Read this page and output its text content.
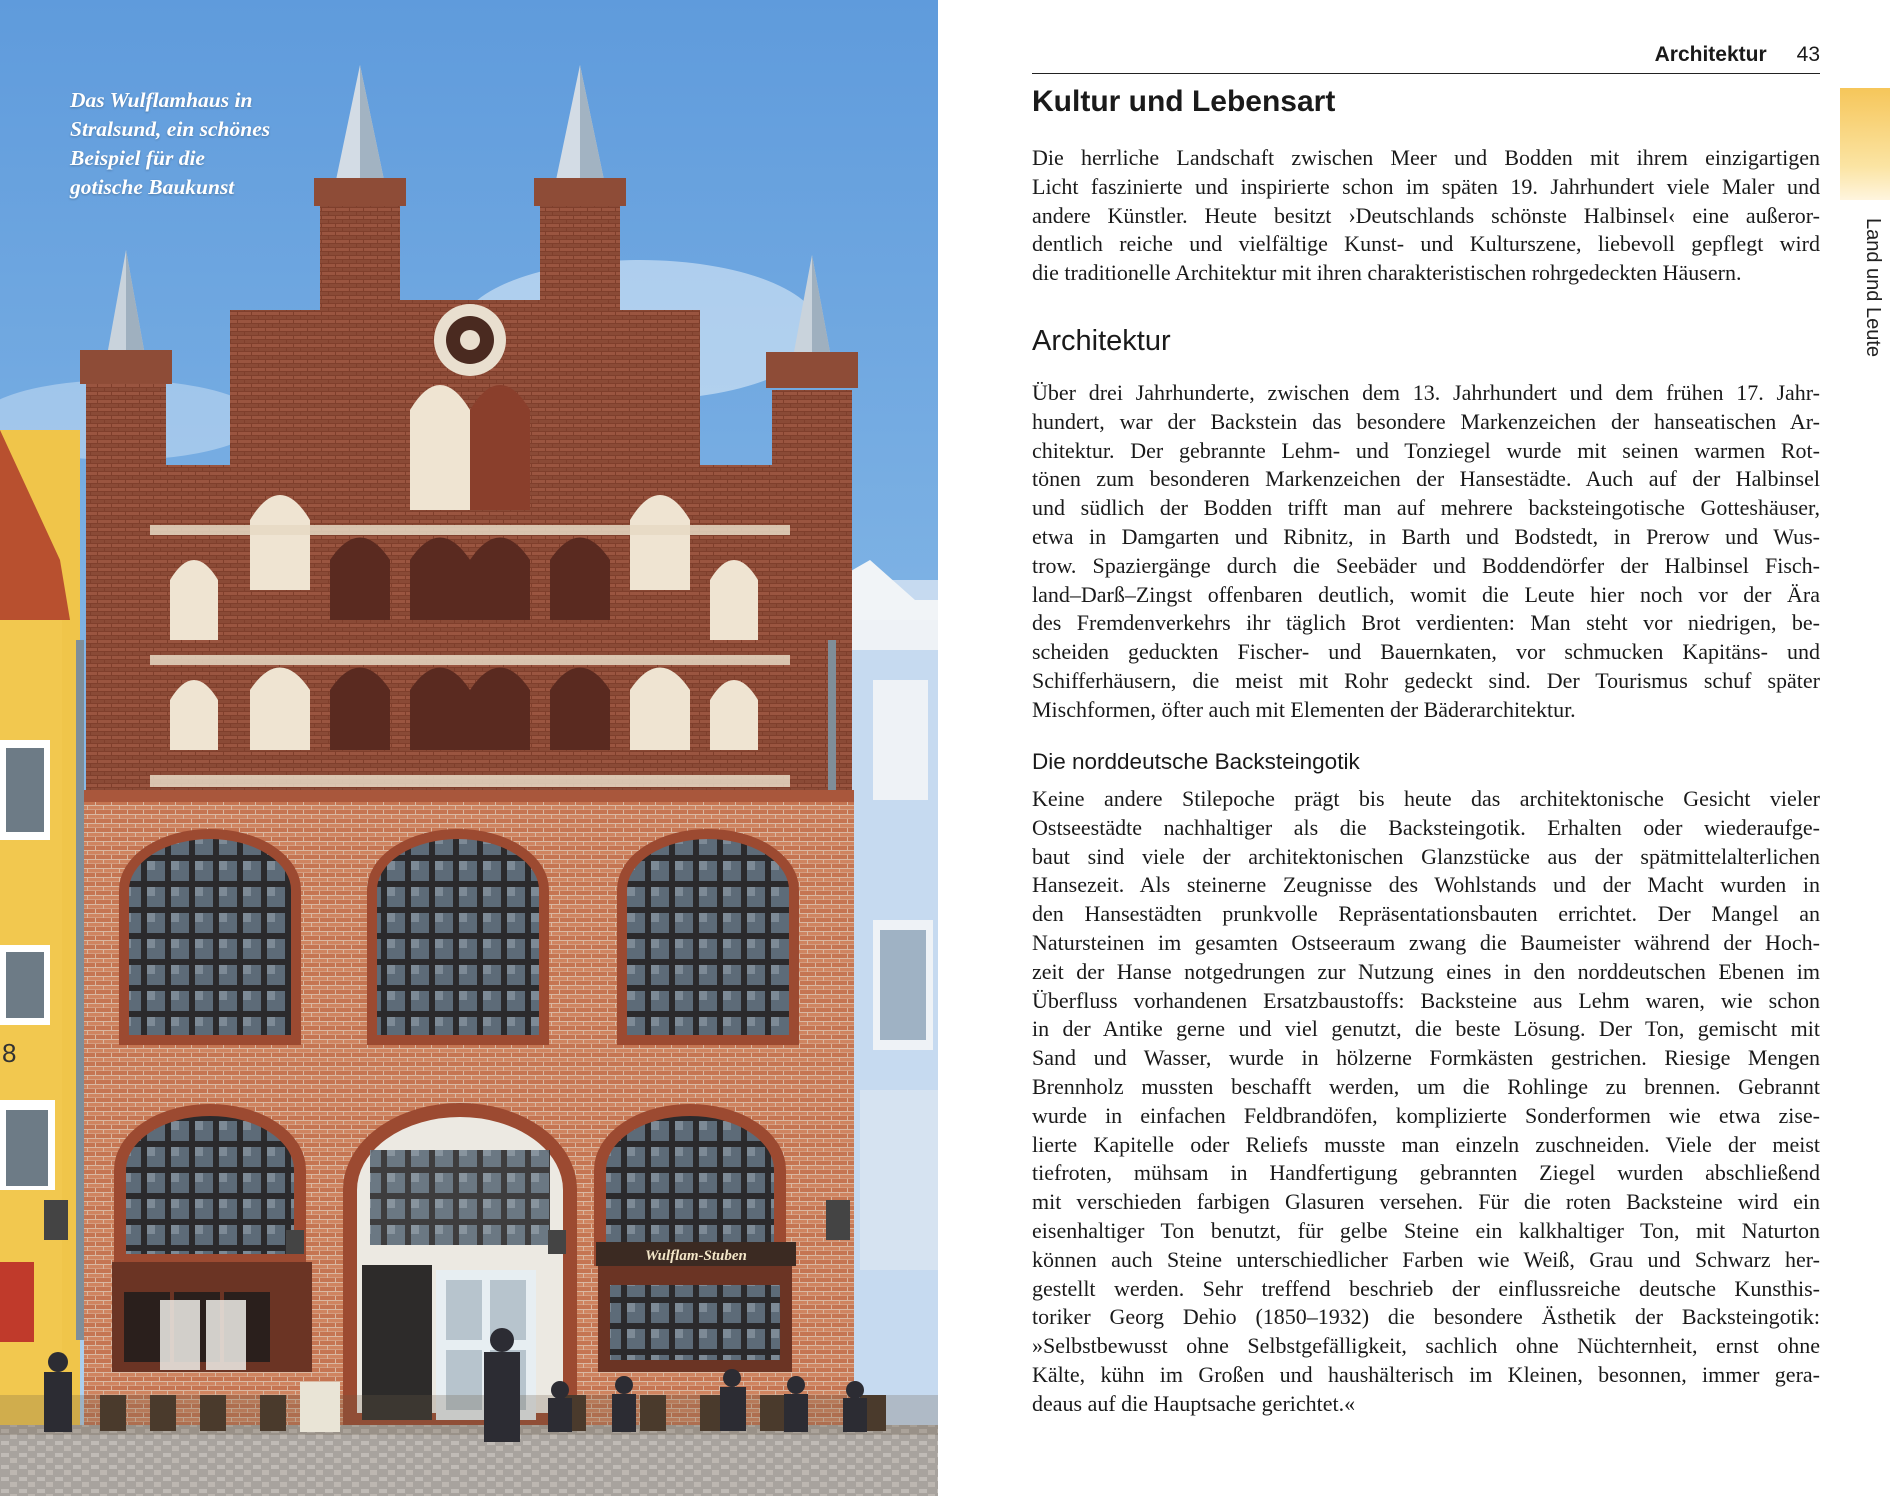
8
Wulflam-Stuben
Das Wulflamhaus in
Stralsund, ein schönes
Beispiel für die
gotische Baukunst
Architektur 43
Land und Leute
Kultur und Lebensart
Die herrliche Landschaft zwischen Meer und Bodden mit ihrem einzigartigen
Licht faszinierte und inspirierte schon im späten 19. Jahrhundert viele Maler und
andere Künstler. Heute besitzt ›Deutschlands schönste Halbinsel‹ eine außeror-
dentlich reiche und vielfältige Kunst- und Kulturszene, liebevoll gepflegt wird
die traditionelle Architektur mit ihren charakteristischen rohrgedeckten Häusern.
Architektur
Über drei Jahrhunderte, zwischen dem 13. Jahrhundert und dem frühen 17. Jahr-
hundert, war der Backstein das besondere Markenzeichen der hanseatischen Ar-
chitektur. Der gebrannte Lehm- und Tonziegel wurde mit seinen warmen Rot-
tönen zum besonderen Markenzeichen der Hansestädte. Auch auf der Halbinsel
und südlich der Bodden trifft man auf mehrere backsteingotische Gotteshäuser,
etwa in Damgarten und Ribnitz, in Barth und Bodstedt, in Prerow und Wus-
trow. Spaziergänge durch die Seebäder und Boddendörfer der Halbinsel Fisch-
land–Darß–Zingst offenbaren deutlich, womit die Leute hier noch vor der Ära
des Fremdenverkehrs ihr täglich Brot verdienten: Man steht vor niedrigen, be-
scheiden geduckten Fischer- und Bauernkaten, vor schmucken Kapitäns- und
Schifferhäusern, die meist mit Rohr gedeckt sind. Der Tourismus schuf später
Mischformen, öfter auch mit Elementen der Bäderarchitektur.
Die norddeutsche Backsteingotik
Keine andere Stilepoche prägt bis heute das architektonische Gesicht vieler
Ostseestädte nachhaltiger als die Backsteingotik. Erhalten oder wiederaufge-
baut sind viele der architektonischen Glanzstücke aus der spätmittelalterlichen
Hansezeit. Als steinerne Zeugnisse des Wohlstands und der Macht wurden in
den Hansestädten prunkvolle Repräsentationsbauten errichtet. Der Mangel an
Natursteinen im gesamten Ostseeraum zwang die Baumeister während der Hoch-
zeit der Hanse notgedrungen zur Nutzung eines in den norddeutschen Ebenen im
Überfluss vorhandenen Ersatzbaustoffs: Backsteine aus Lehm waren, wie schon
in der Antike gerne und viel genutzt, die beste Lösung. Der Ton, gemischt mit
Sand und Wasser, wurde in hölzerne Formkästen gestrichen. Riesige Mengen
Brennholz mussten beschafft werden, um die Rohlinge zu brennen. Gebrannt
wurde in einfachen Feldbrandöfen, komplizierte Sonderformen wie etwa zise-
lierte Kapitelle oder Reliefs musste man einzeln zuschneiden. Viele der meist
tiefroten, mühsam in Handfertigung gebrannten Ziegel wurden abschließend
mit verschieden farbigen Glasuren versehen. Für die roten Backsteine wird ein
eisenhaltiger Ton benutzt, für gelbe Steine ein kalkhaltiger Ton, mit Naturton
können auch Steine unterschiedlicher Farben wie Weiß, Grau und Schwarz her-
gestellt werden. Sehr treffend beschrieb der einflussreiche deutsche Kunsthis-
toriker Georg Dehio (1850–1932) die besondere Ästhetik der Backsteingotik:
»Selbstbewusst ohne Selbstgefälligkeit, sachlich ohne Nüchternheit, ernst ohne
Kälte, kühn im Großen und haushälterisch im Kleinen, besonnen, immer gera-
deaus auf die Hauptsache gerichtet.«
